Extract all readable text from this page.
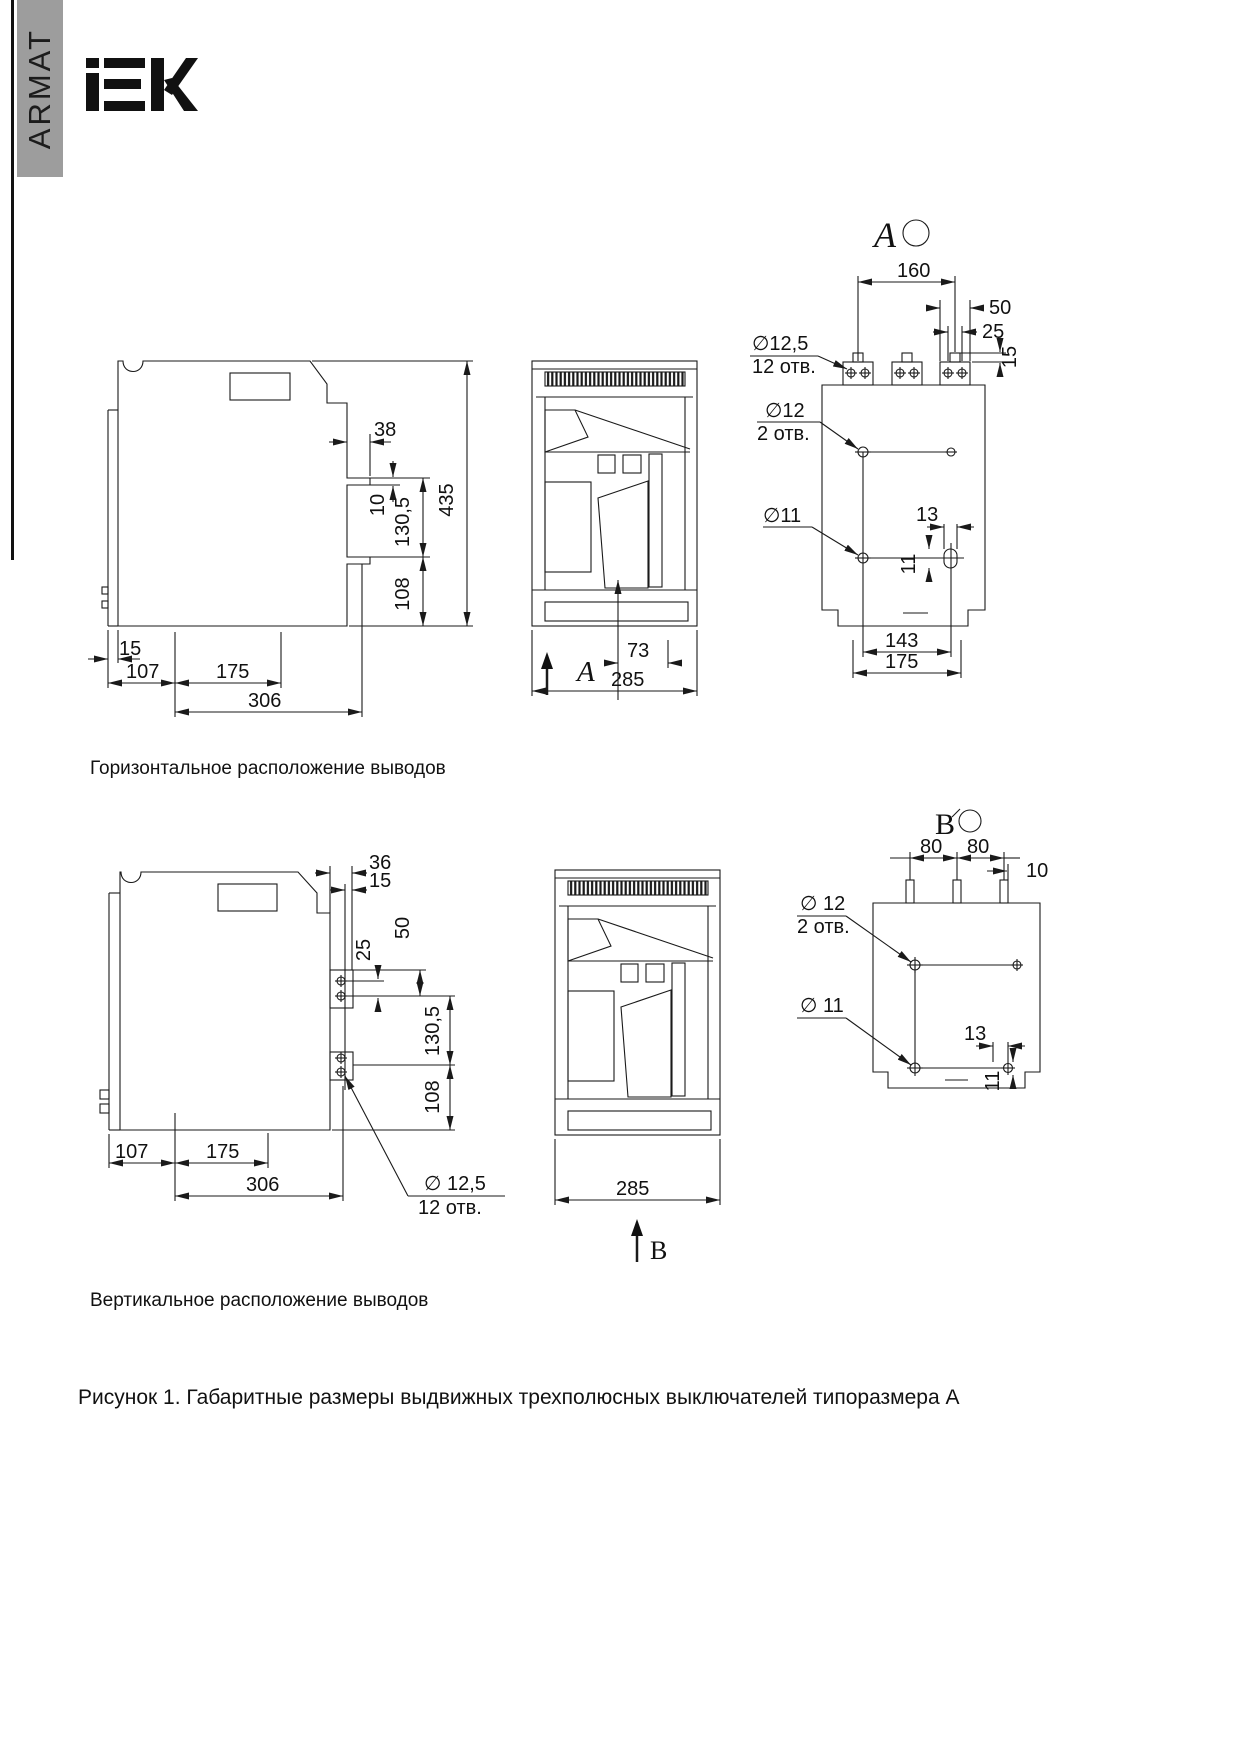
ARMAT
Горизонтальное расположение выводов
Вертикальное расположение выводов
Рисунок 1. Габаритные размеры выдвижных трехполюсных выключателей типоразмера А
38
10 130,5
108
435
15
107	175
306
73
A 285
A
160
50
25
15
∅12,5
12 отв.
∅12
2 отв.
∅11	13
11
143
175
36
15
25
50
130,5
108
107	175
306	∅ 12,5
12 отв.
285
В
В
80 80
10
∅ 12
2 отв.
∅ 11
13
11
